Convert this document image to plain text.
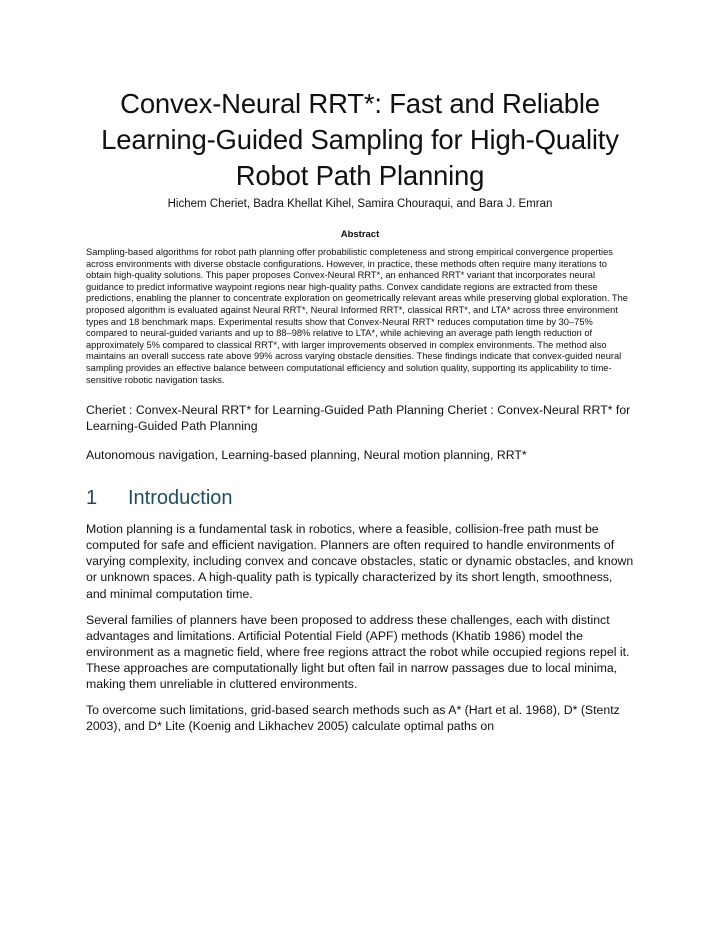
Convex-Neural RRT*: Fast and Reliable Learning-Guided Sampling for High-Quality Robot Path Planning
Hichem Cheriet, Badra Khellat Kihel, Samira Chouraqui, and Bara J. Emran
Abstract
Sampling-based algorithms for robot path planning offer probabilistic completeness and strong empirical convergence properties across environments with diverse obstacle configurations. However, in practice, these methods often require many iterations to obtain high-quality solutions. This paper proposes Convex-Neural RRT*, an enhanced RRT* variant that incorporates neural guidance to predict informative waypoint regions near high-quality paths. Convex candidate regions are extracted from these predictions, enabling the planner to concentrate exploration on geometrically relevant areas while preserving global exploration. The proposed algorithm is evaluated against Neural RRT*, Neural Informed RRT*, classical RRT*, and LTA* across three environment types and 18 benchmark maps. Experimental results show that Convex-Neural RRT* reduces computation time by 30–75% compared to neural-guided variants and up to 88–98% relative to LTA*, while achieving an average path length reduction of approximately 5% compared to classical RRT*, with larger improvements observed in complex environments. The method also maintains an overall success rate above 99% across varying obstacle densities. These findings indicate that convex-guided neural sampling provides an effective balance between computational efficiency and solution quality, supporting its applicability to time-sensitive robotic navigation tasks.
Cheriet : Convex-Neural RRT* for Learning-Guided Path Planning Cheriet : Convex-Neural RRT* for Learning-Guided Path Planning
Autonomous navigation, Learning-based planning, Neural motion planning, RRT*
1	Introduction

Motion planning is a fundamental task in robotics, where a feasible, collision-free path must be computed for safe and efficient navigation. Planners are often required to handle environments of varying complexity, including convex and concave obstacles, static or dynamic obstacles, and known or unknown spaces. A high-quality path is typically characterized by its short length, smoothness, and minimal computation time.

Several families of planners have been proposed to address these challenges, each with distinct advantages and limitations. Artificial Potential Field (APF) methods (Khatib 1986) model the environment as a magnetic field, where free regions attract the robot while occupied regions repel it. These approaches are computationally light but often fail in narrow passages due to local minima, making them unreliable in cluttered environments.

To overcome such limitations, grid-based search methods such as A* (Hart et al. 1968), D* (Stentz 2003), and D* Lite (Koenig and Likhachev 2005) calculate optimal paths on
